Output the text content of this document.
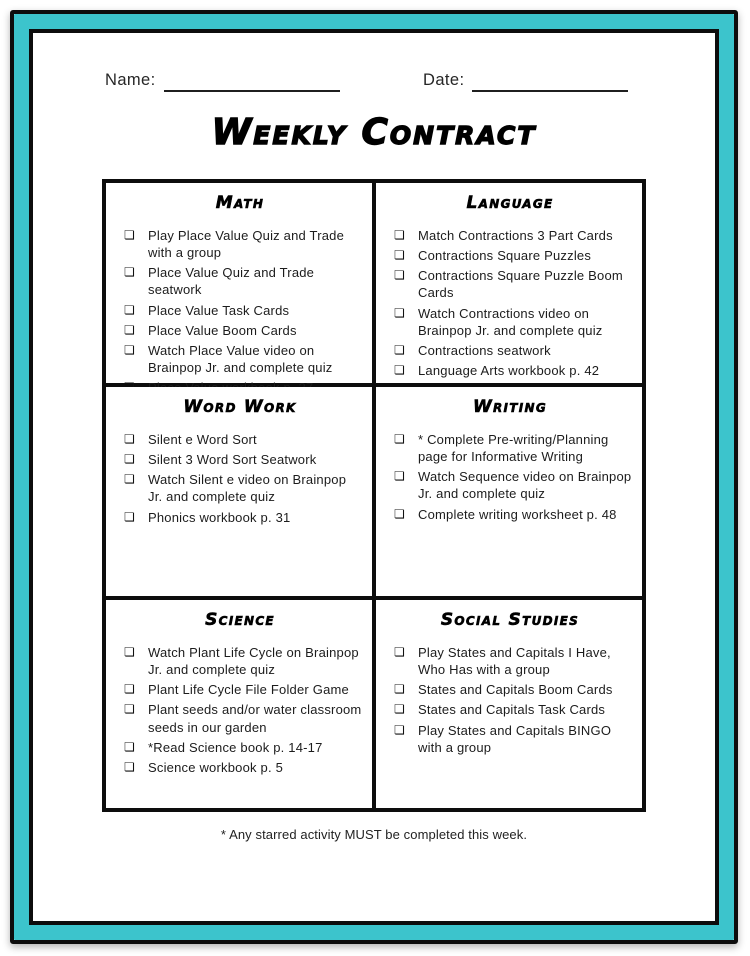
Name:	Date:
Weekly Contract
Math
❏	Play Place Value Quiz and Trade with a group
❏	Place Value Quiz and Trade seatwork
❏	Place Value Task Cards
❏	Place Value Boom Cards
❏	Watch Place Value video on Brainpop Jr. and complete quiz
Language
❏	Match Contractions 3 Part Cards
❏	Contractions Square Puzzles
❏	Contractions Square Puzzle Boom Cards
❏	Watch Contractions video on Brainpop Jr. and complete quiz
❏	Contractions seatwork
❏	Language Arts workbook p. 42
Word Work
❏	Silent e Word Sort
❏	Silent 3 Word Sort Seatwork
❏	Watch Silent e video on Brainpop Jr. and complete quiz
❏	Phonics workbook p. 31
Writing
❏	* Complete Pre-writing/Planning page for Informative Writing
❏	Watch Sequence video on Brainpop Jr. and complete quiz
❏	Complete writing worksheet p. 48
Science
❏	Watch Plant Life Cycle on Brainpop Jr. and complete quiz
❏	Plant Life Cycle File Folder Game
❏	Plant seeds and/or water classroom seeds in our garden
❏	*Read Science book p. 14-17
❏	Science workbook p. 5
Social Studies
❏	Play States and Capitals I Have, Who Has with a group
❏	States and Capitals Boom Cards
❏	States and Capitals Task Cards
❏	Play States and Capitals BINGO with a group
* Any starred activity MUST be completed this week.
